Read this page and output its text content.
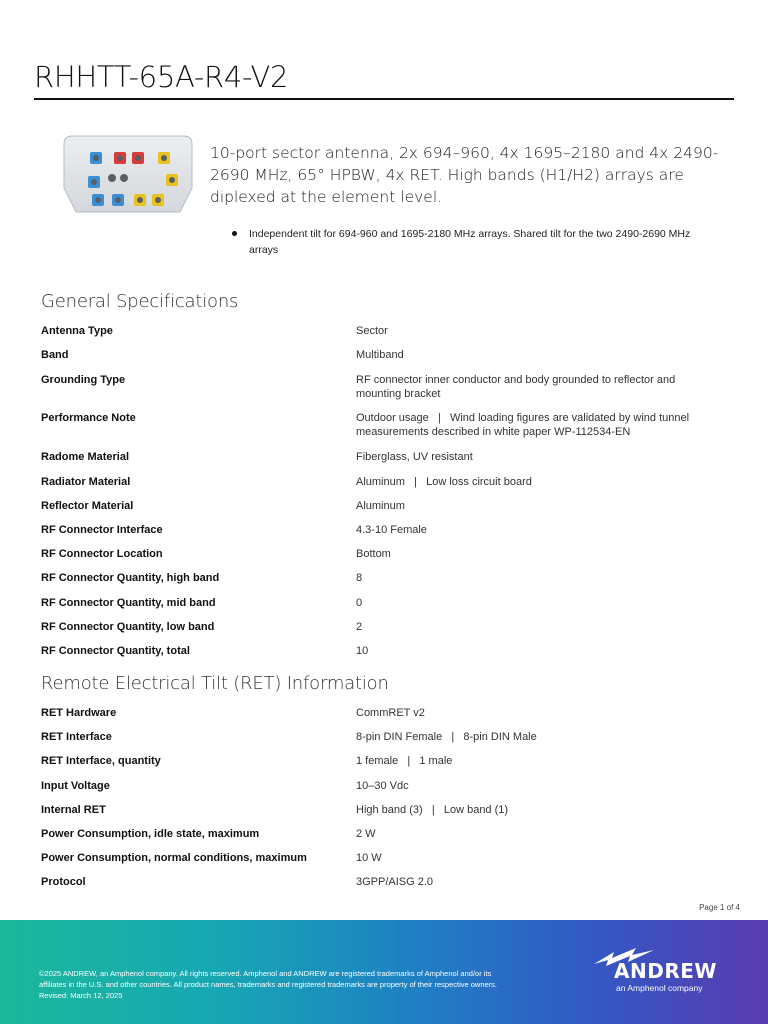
RHHTT-65A-R4-V2
10-port sector antenna, 2x 694–960, 4x 1695–2180 and 4x 2490-2690 MHz, 65° HPBW, 4x RET. High bands (H1/H2) arrays are diplexed at the element level.
Independent tilt for 694-960 and 1695-2180 MHz arrays. Shared tilt for the two 2490-2690 MHz arrays
General Specifications
Antenna Type	Sector
Band	Multiband
Grounding Type	RF connector inner conductor and body grounded to reflector and mounting bracket
Performance Note	Outdoor usage   |   Wind loading figures are validated by wind tunnel measurements described in white paper WP-112534-EN
Radome Material	Fiberglass, UV resistant
Radiator Material	Aluminum   |   Low loss circuit board
Reflector Material	Aluminum
RF Connector Interface	4.3-10 Female
RF Connector Location	Bottom
RF Connector Quantity, high band	8
RF Connector Quantity, mid band	0
RF Connector Quantity, low band	2
RF Connector Quantity, total	10
Remote Electrical Tilt (RET) Information
RET Hardware	CommRET v2
RET Interface	8-pin DIN Female   |   8-pin DIN Male
RET Interface, quantity	1 female   |   1 male
Input Voltage	10–30 Vdc
Internal RET	High band (3)   |   Low band (1)
Power Consumption, idle state, maximum	2 W
Power Consumption, normal conditions, maximum	10 W
Protocol	3GPP/AISG 2.0
Page 1 of 4
©2025 ANDREW, an Amphenol company. All rights reserved. Amphenol and ANDREW are registered trademarks of Amphenol and/or its
affiliates in the U.S. and other countries. All product names, trademarks and registered trademarks are property of their respective owners.
Revised: March 12, 2025
ANDREW
an Amphenol company
